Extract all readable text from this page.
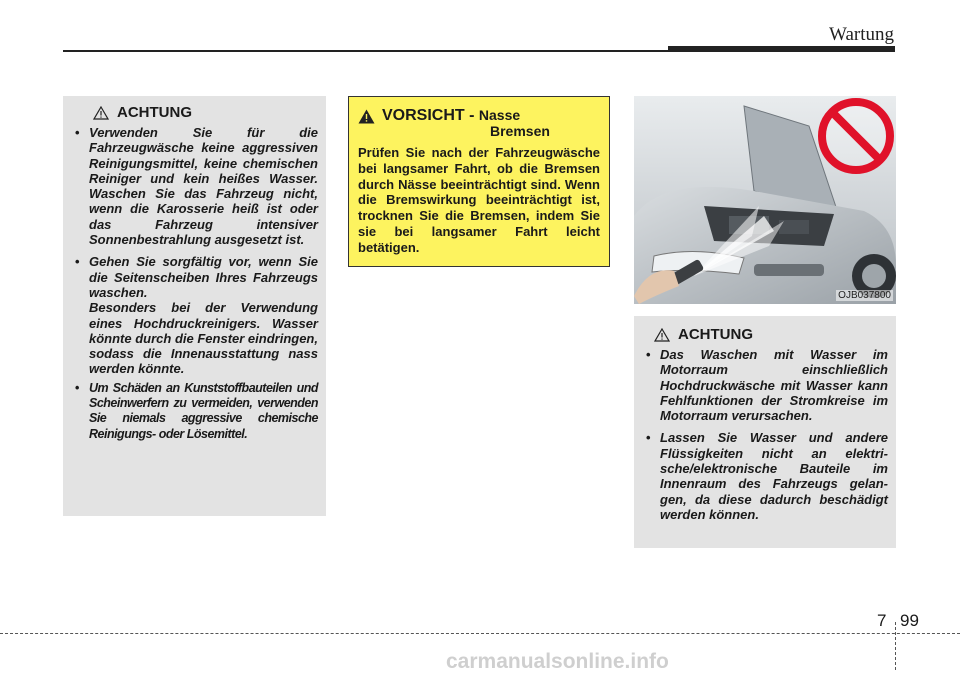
Wartung
ACHTUNG
• Verwenden Sie für die Fahrzeugwäsche keine aggressiven Reinigungsmittel, keine chemischen Reiniger und kein heißes Wasser. Waschen Sie das Fahrzeug nicht, wenn die Karosserie heiß ist oder das Fahrzeug intensiver Sonnenbestrahlung ausgesetzt ist.
• Gehen Sie sorgfältig vor, wenn Sie die Seitenscheiben Ihres Fahrzeugs waschen.
Besonders bei der Verwendung eines Hochdruckreinigers. Wasser könnte durch die Fenster eindringen, sodass die Innenausstattung nass werden könnte.
• Um Schäden an Kunststoffbauteilen und Scheinwerfern zu vermeiden, verwenden Sie niemals aggressive chemische Reinigungs- oder Lösemittel.
VORSICHT - Nasse
Bremsen
Prüfen Sie nach der Fahrzeugwäsche bei langsamer Fahrt, ob die Bremsen durch Nässe beeinträchtigt sind. Wenn die Bremswirkung beeinträchtigt ist, trocknen Sie die Bremsen, indem Sie sie bei langsamer Fahrt leicht betätigen.
OJB037800
ACHTUNG
• Das Waschen mit Wasser im Motorraum einschließlich Hochdruckwäsche mit Wasser kann Fehlfunktionen der Stromkreise im Motorraum verursachen.
• Lassen Sie Wasser und andere Flüssigkeiten nicht an elektri-sche/elektronische Bauteile im Innenraum des Fahrzeugs gelan-gen, da diese dadurch beschädigt werden können.
7 99
carmanualsonline.info
